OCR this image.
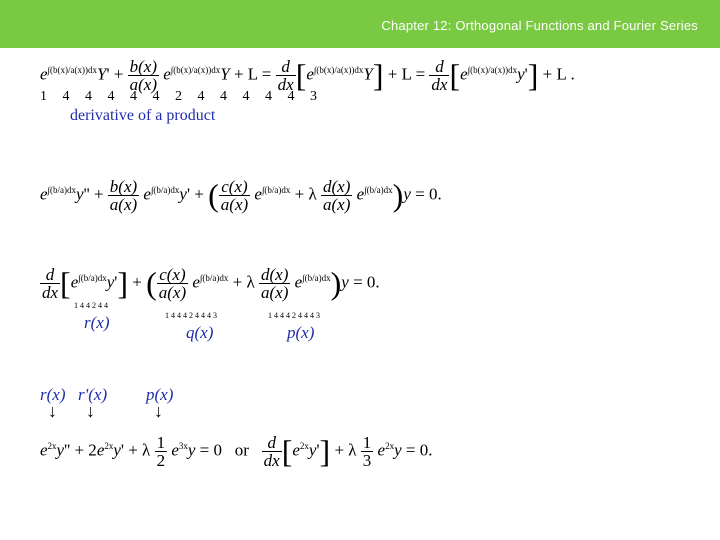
Chapter 12: Orthogonal Functions and Fourier Series
$e^{\int(b(x)/a(x))dx}Y' + \frac{b(x)}{a(x)} e^{\int(b(x)/a(x))dx}Y + L = \frac{d}{dx} [e^{\int(b(x)/a(x))dx}Y] + L = \frac{d}{dx} [e^{\int(b(x)/a(x))dx}y'] + L$ .
1 4 4 4 4 4 2 4 4 4 4 4 3
derivative of a product
$e^{\int(b/a)dx}y'' + \frac{b(x)}{a(x)} e^{\int(b/a)dx}y'$ + ( $\frac{c(x)}{a(x)} e^{\int(b/a)dx} + \lambda \frac{d(x)}{a(x)} e^{\int(b/a)dx})y = 0$.
$\frac{d}{dx} [e^{\int(b/a)dx}y']$ + ( $\frac{c(x)}{a(x)} e^{\int(b/a)dx} + \lambda \frac{d(x)}{a(x)} e^{\int(b/a)dx})y = 0$.
1 4 4 2 4 4
1 4 4 4 2 4 4 4 3	1 4 4 4 2 4 4 4 3
r(x)
q(x)	p(x)
r(x) r'(x) p(x)
↓ ↓	↓
$e^{2x}y'' + 2e^{2x}y' + \lambda \frac{1}{2} e^{3x}y = 0$   or $\frac{d}{dx} [e^{2x}y'] + \lambda \frac{1}{3} e^{2x}y = 0$.
